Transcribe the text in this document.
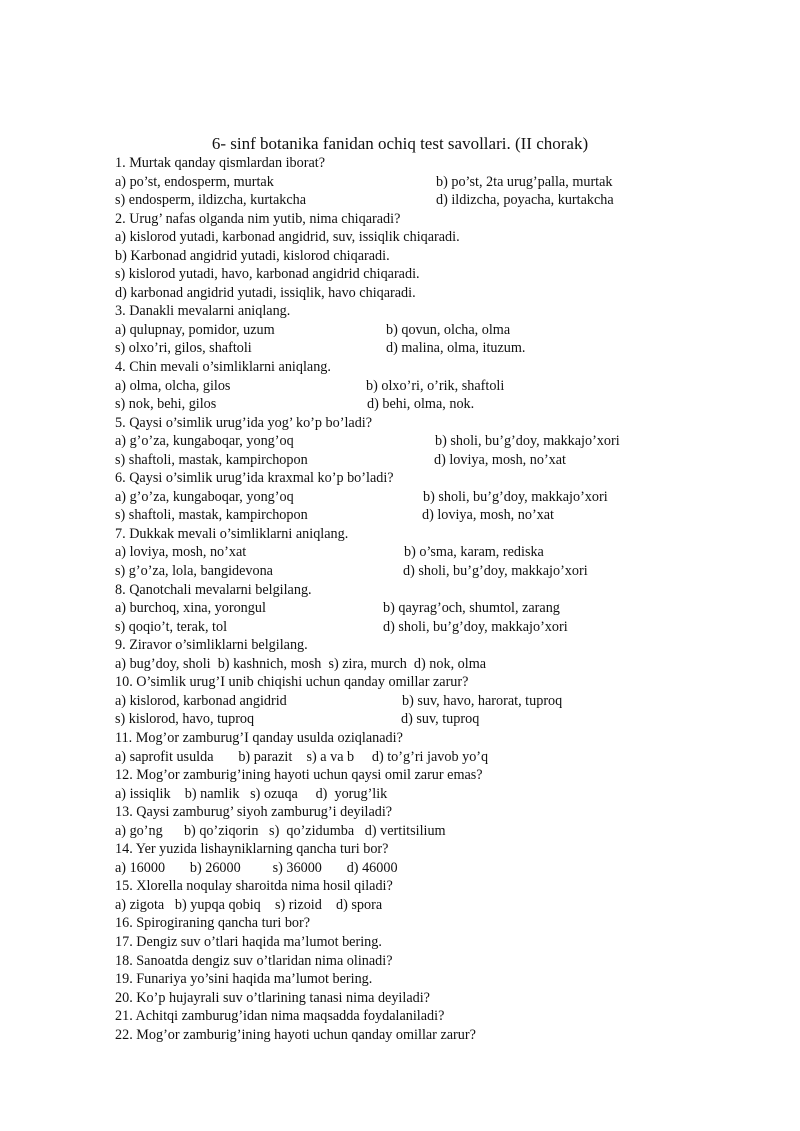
6- sinf botanika fanidan ochiq test savollari. (II chorak)
1. Murtak qanday qismlardan iborat?
a) po’st, endosperm, murtak	b) po’st, 2ta urug’palla, murtak
s) endosperm, ildizcha, kurtakcha	d) ildizcha, poyacha, kurtakcha
2. Urug’ nafas olganda nim yutib, nima chiqaradi?
a) kislorod yutadi, karbonad angidrid, suv, issiqlik chiqaradi.
b) Karbonad angidrid yutadi, kislorod chiqaradi.
s) kislorod yutadi, havo, karbonad angidrid chiqaradi.
d) karbonad angidrid yutadi, issiqlik, havo chiqaradi.
3. Danakli mevalarni aniqlang.
a) qulupnay, pomidor, uzum	b) qovun, olcha, olma
s) olxo’ri, gilos, shaftoli	d) malina, olma, ituzum.
4. Chin mevali o’simliklarni aniqlang.
a) olma, olcha, gilos	b) olxo’ri, o’rik, shaftoli
s) nok, behi, gilos	d) behi, olma, nok.
5. Qaysi o’simlik urug’ida yog’ ko’p bo’ladi?
a) g’o’za, kungaboqar, yong’oq	b) sholi, bu’g’doy, makkajo’xori
s) shaftoli, mastak, kampirchopon	d) loviya, mosh, no’xat
6. Qaysi o’simlik urug’ida kraxmal ko’p bo’ladi?
a) g’o’za, kungaboqar, yong’oq	b) sholi, bu’g’doy, makkajo’xori
s) shaftoli, mastak, kampirchopon	d) loviya, mosh, no’xat
7. Dukkak mevali o’simliklarni aniqlang.
a) loviya, mosh, no’xat	b) o’sma, karam, rediska
s) g’o’za, lola, bangidevona	d) sholi, bu’g’doy, makkajo’xori
8. Qanotchali mevalarni belgilang.
a) burchoq, xina, yorongul	b) qayrag’och, shumtol, zarang
s) qoqio’t, terak, tol	d) sholi, bu’g’doy, makkajo’xori
9. Ziravor o’simliklarni belgilang.
a) bug’doy, sholi  b) kashnich, mosh  s) zira, murch  d) nok, olma
10. O’simlik urug’I unib chiqishi uchun qanday omillar zarur?
a) kislorod, karbonad angidrid	b) suv, havo, harorat, tuproq
s) kislorod, havo, tuproq	d) suv, tuproq
11. Mog’or zamburug’I qanday usulda oziqlanadi?
a) saprofit usulda       b) parazit    s) a va b     d) to’g’ri javob yo’q
12. Mog’or zamburig’ining hayoti uchun qaysi omil zarur emas?
a) issiqlik    b) namlik   s) ozuqa     d)  yorug’lik
13. Qaysi zamburug’ siyoh zamburug’i deyiladi?
a) go’ng      b) qo’ziqorin   s)  qo’zidumba   d) vertitsilium
14. Yer yuzida lishayniklarning qancha turi bor?
a) 16000       b) 26000         s) 36000       d) 46000
15. Xlorella noqulay sharoitda nima hosil qiladi?
a) zigota   b) yupqa qobiq    s) rizoid    d) spora
16. Spirogiraning qancha turi bor?
17. Dengiz suv o’tlari haqida ma’lumot bering.
18. Sanoatda dengiz suv o’tlaridan nima olinadi?
19. Funariya yo’sini haqida ma’lumot bering.
20. Ko’p hujayrali suv o’tlarining tanasi nima deyiladi?
21. Achitqi zamburug’idan nima maqsadda foydalaniladi?
22. Mog’or zamburig’ining hayoti uchun qanday omillar zarur?
